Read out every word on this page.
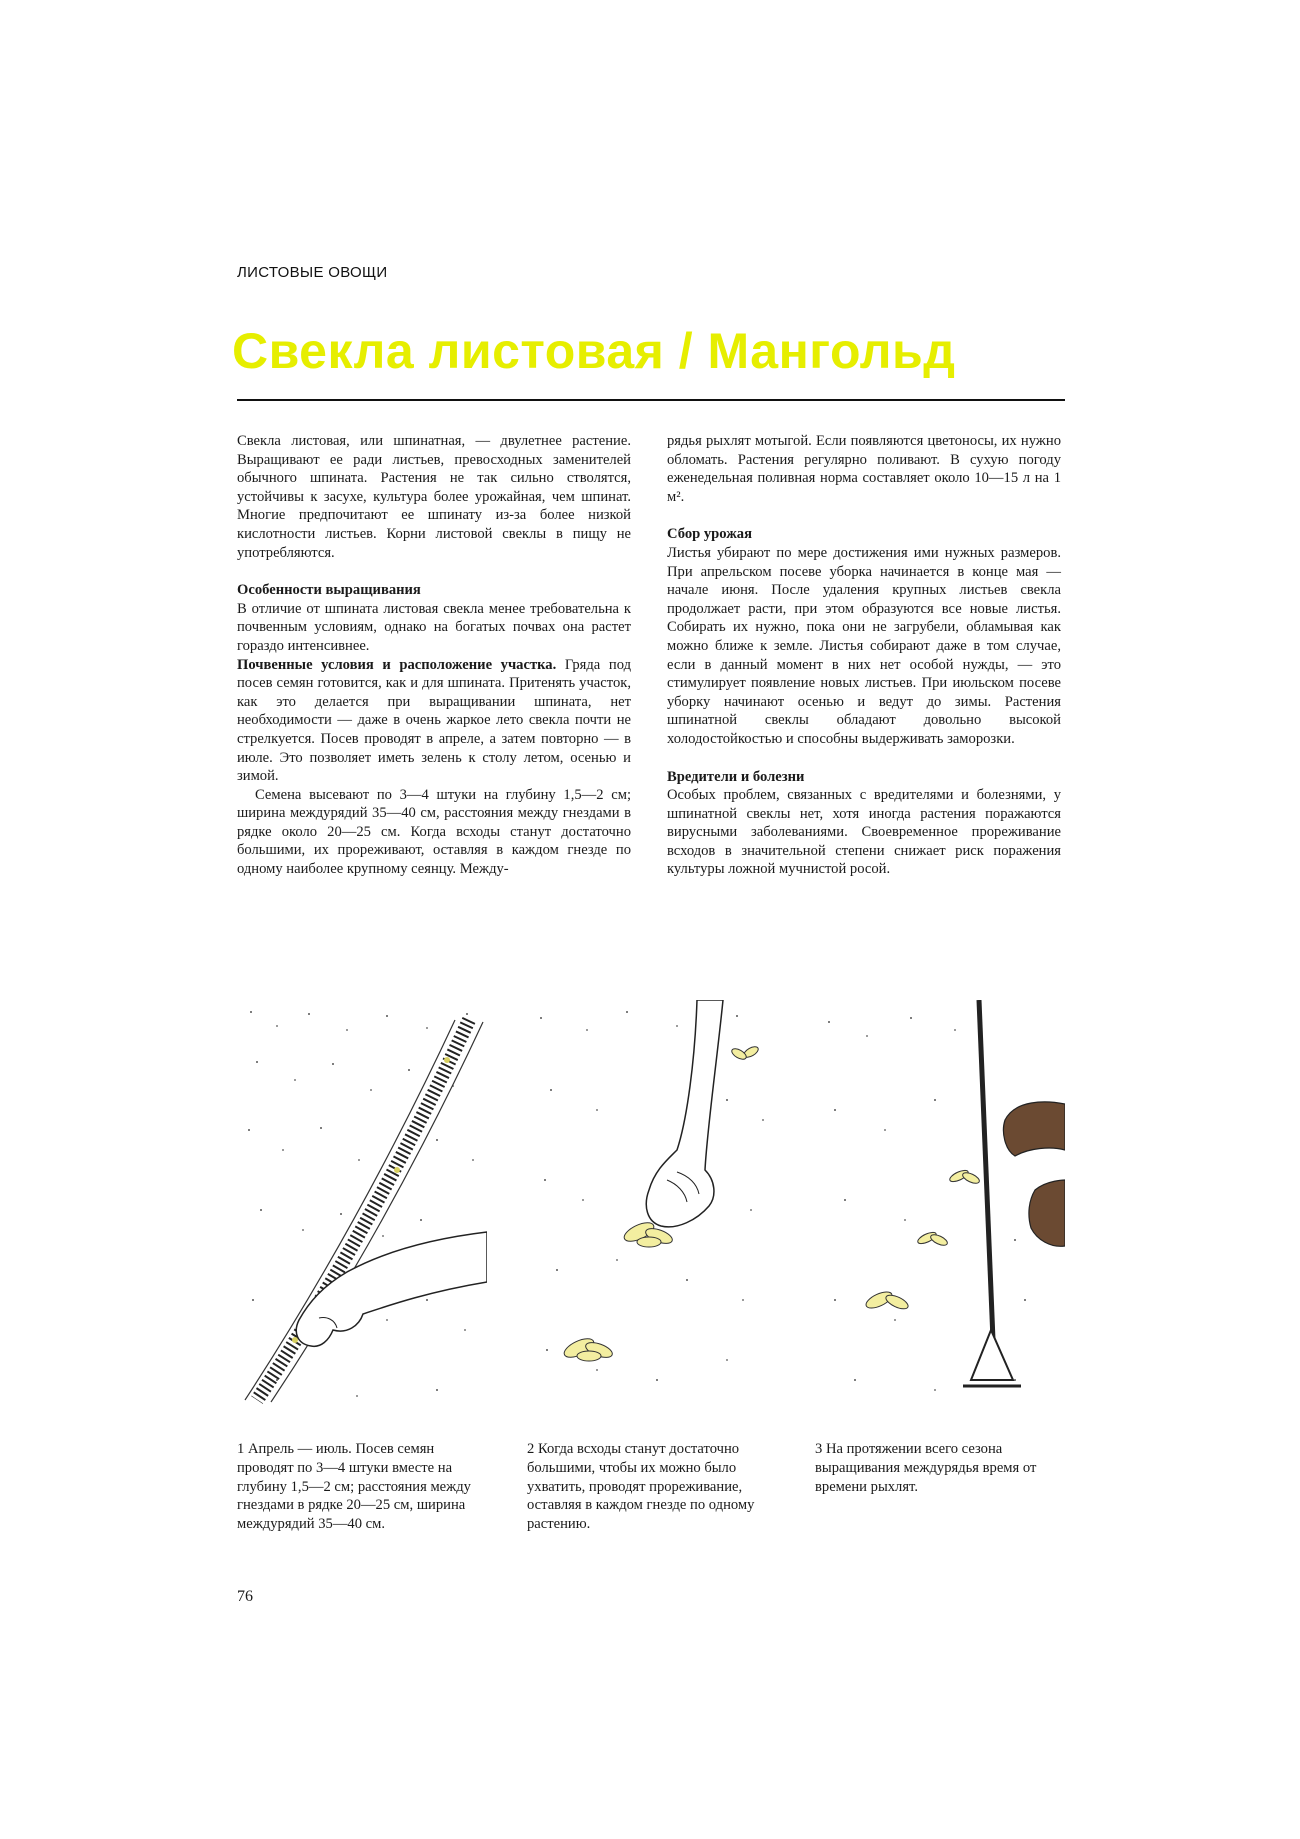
ЛИСТОВЫЕ ОВОЩИ
Свекла листовая / Мангольд

Свекла листовая, или шпинатная, — двулетнее растение. Выращивают ее ради листьев, превосходных заменителей обычного шпината. Растения не так сильно стволятся, устойчивы к засухе, культура более урожайная, чем шпинат. Многие предпочитают ее шпинату из-за более низкой кислотности листьев. Корни листовой свеклы в пищу не употребляются.

Особенности выращивания

В отличие от шпината листовая свекла менее требовательна к почвенным условиям, однако на богатых почвах она растет гораздо интенсивнее.

Почвенные условия и расположение участка. Гряда под посев семян готовится, как и для шпината. Притенять участок, как это делается при выращивании шпината, нет необходимости — даже в очень жаркое лето свекла почти не стрелкуется. Посев проводят в апреле, а затем повторно — в июле. Это позволяет иметь зелень к столу летом, осенью и зимой.

Семена высевают по 3—4 штуки на глубину 1,5—2 см; ширина междурядий 35—40 см, расстояния между гнездами в рядке около 20—25 см. Когда всходы станут достаточно большими, их прореживают, оставляя в каждом гнезде по одному наиболее крупному сеянцу. Между-

рядья рыхлят мотыгой. Если появляются цветоносы, их нужно обломать. Растения регулярно поливают. В сухую погоду еженедельная поливная норма составляет около 10—15 л на 1 м².

Сбор урожая

Листья убирают по мере достижения ими нужных размеров. При апрельском посеве уборка начинается в конце мая — начале июня. После удаления крупных листьев свекла продолжает расти, при этом образуются все новые листья. Собирать их нужно, пока они не загрубели, обламывая как можно ближе к земле. Листья собирают даже в том случае, если в данный момент в них нет особой нужды, — это стимулирует появление новых листьев. При июльском посеве уборку начинают осенью и ведут до зимы. Растения шпинатной свеклы обладают довольно высокой холодостойкостью и способны выдерживать заморозки.

Вредители и болезни

Особых проблем, связанных с вредителями и болезнями, у шпинатной свеклы нет, хотя иногда растения поражаются вирусными заболеваниями. Своевременное прореживание всходов в значительной степени снижает риск поражения культуры ложной мучнистой росой.

1 Апрель — июль. Посев семян проводят по 3—4 штуки вместе на глубину 1,5—2 см; расстояния между гнездами в рядке 20—25 см, ширина междурядий 35—40 см.
2 Когда всходы станут достаточно большими, чтобы их можно было ухватить, проводят прореживание, оставляя в каждом гнезде по одному растению.
3 На протяжении всего сезона выращивания междурядья время от времени рыхлят.
76
